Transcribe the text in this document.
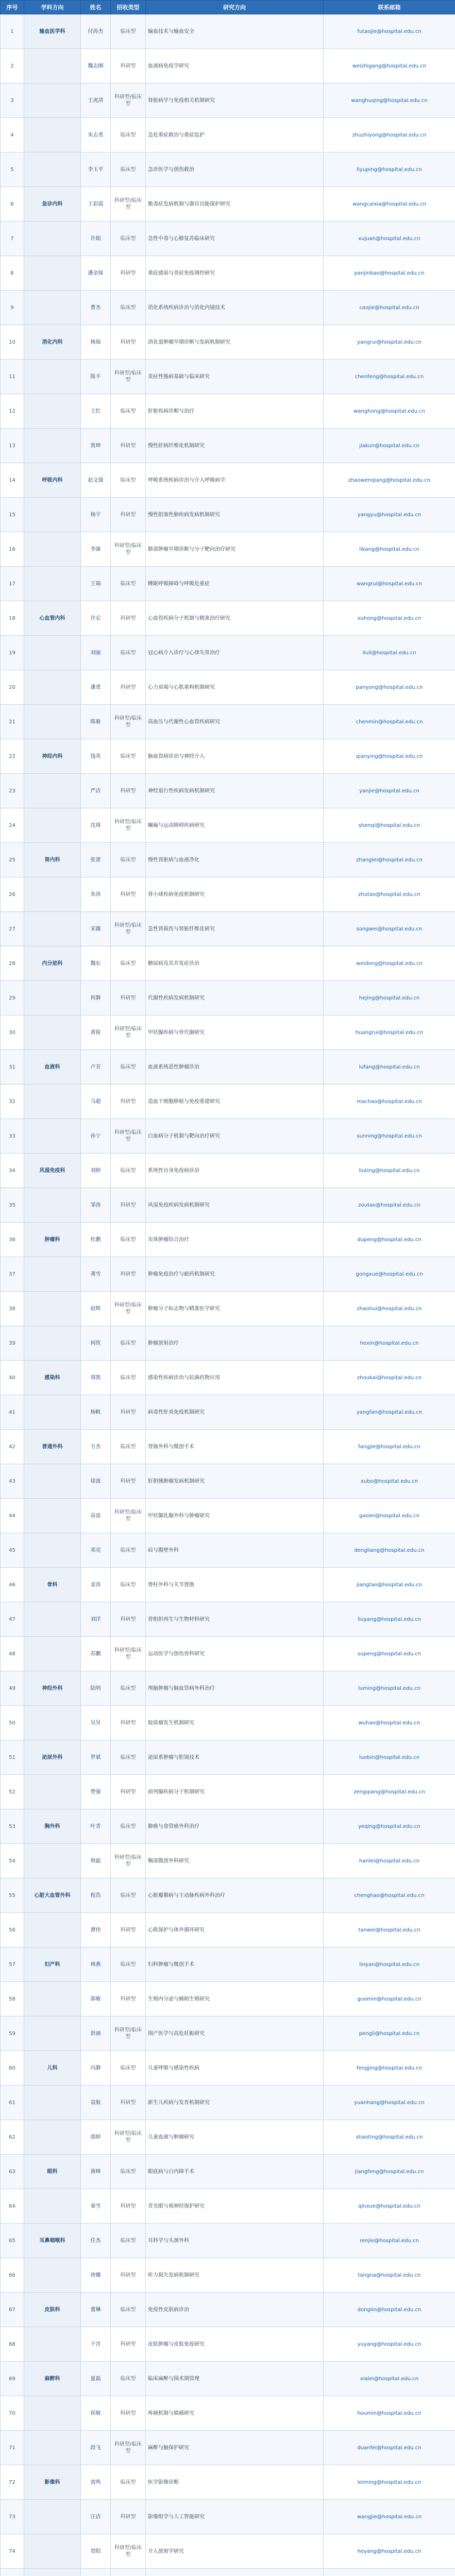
序号	学科方向	姓名	招收类型	研究方向	联系邮箱
1	输血医学科	付涛杰	临床型	输血技术与输血安全	futaojie@hospital.edu.cn
2		魏志刚	科研型	血液病免疫学研究	weizhigang@hospital.edu.cn
3		王虎清	科研型/临床型	肾脏病学与免疫相关机制研究	wanghuqing@hospital.edu.cn
4		朱志勇	临床型	急危重症救治与重症监护	zhuzhiyong@hospital.edu.cn
5		李玉平	临床型	急诊医学与创伤救治	liyuping@hospital.edu.cn
6	急诊内科	王彩霞	科研型/临床型	脓毒症发病机制与器官功能保护研究	wangcaixia@hospital.edu.cn
7		许娟	临床型	急性中毒与心肺复苏临床研究	xujuan@hospital.edu.cn
8		潘金保	科研型	重症感染与炎症免疫调控研究	panjinbao@hospital.edu.cn
9		曹杰	临床型	消化系统疾病诊治与消化内镜技术	caojie@hospital.edu.cn
10	消化内科	杨瑞	科研型	消化道肿瘤早期诊断与发病机制研究	yangrui@hospital.edu.cn
11		陈丰	科研型/临床型	炎症性肠病基础与临床研究	chenfeng@hospital.edu.cn
12		王红	临床型	肝脏疾病诊断与治疗	wanghong@hospital.edu.cn
13		贾坤	科研型	慢性肝病纤维化机制研究	jiakun@hospital.edu.cn
14	呼吸内科	赵文强	临床型	呼吸系统疾病诊治与介入呼吸病学	zhaowenqiang@hospital.edu.cn
15		杨宇	科研型	慢性阻塞性肺疾病发病机制研究	yangyu@hospital.edu.cn
16		李康	科研型/临床型	肺部肿瘤早期诊断与分子靶向治疗研究	likang@hospital.edu.cn
17		王瑞	临床型	睡眠呼吸障碍与呼吸危重症	wangrui@hospital.edu.cn
18	心血管内科	许宏	科研型	心血管疾病分子机制与精准治疗研究	xuhong@hospital.edu.cn
19		刘丽	临床型	冠心病介入诊疗与心律失常治疗	liuli@hospital.edu.cn
20		潘勇	科研型	心力衰竭与心肌重构机制研究	panyong@hospital.edu.cn
21		陈敏	科研型/临床型	高血压与代谢性心血管疾病研究	chenmin@hospital.edu.cn
22	神经内科	钱英	临床型	脑血管病诊治与神经介入	qianying@hospital.edu.cn
23		严洁	科研型	神经退行性疾病发病机制研究	yanjie@hospital.edu.cn
24		沈琦	科研型/临床型	癫痫与运动障碍疾病研究	shenqi@hospital.edu.cn
25	肾内科	张蕾	临床型	慢性肾脏病与血液净化	zhanglei@hospital.edu.cn
26		朱涛	科研型	肾小球疾病免疫机制研究	zhutao@hospital.edu.cn
27		宋薇	科研型/临床型	急性肾损伤与肾脏纤维化研究	songwei@hospital.edu.cn
28	内分泌科	魏东	临床型	糖尿病及其并发症诊治	weidong@hospital.edu.cn
29		何静	科研型	代谢性疾病发病机制研究	hejing@hospital.edu.cn
30		黄锐	科研型/临床型	甲状腺疾病与骨代谢研究	huangrui@hospital.edu.cn
31	血液科	卢芳	临床型	血液系统恶性肿瘤诊治	lufang@hospital.edu.cn
32		马超	科研型	造血干细胞移植与免疫重建研究	machao@hospital.edu.cn
33		孙宁	科研型/临床型	白血病分子机制与靶向治疗研究	sunning@hospital.edu.cn
34	风湿免疫科	刘婷	临床型	系统性自身免疫病诊治	liuting@hospital.edu.cn
35		邹涛	科研型	风湿免疫疾病发病机制研究	zoutao@hospital.edu.cn
36	肿瘤科	杜鹏	临床型	实体肿瘤综合治疗	dupeng@hospital.edu.cn
37		龚雪	科研型	肿瘤免疫治疗与耐药机制研究	gongxue@hospital.edu.cn
38		赵辉	科研型/临床型	肿瘤分子标志物与精准医学研究	zhaohui@hospital.edu.cn
39		何欣	临床型	肿瘤放射治疗	hexin@hospital.edu.cn
40	感染科	周凯	临床型	感染性疾病诊治与抗菌药物应用	zhoukai@hospital.edu.cn
41		杨帆	科研型	病毒性肝炎免疫机制研究	yangfan@hospital.edu.cn
42	普通外科	方杰	临床型	胃肠外科与微创手术	fangjie@hospital.edu.cn
43		徐波	科研型	肝胆胰肿瘤发病机制研究	xubo@hospital.edu.cn
44		高雷	科研型/临床型	甲状腺乳腺外科与肿瘤研究	gaolei@hospital.edu.cn
45		邓亮	临床型	疝与腹壁外科	dengliang@hospital.edu.cn
46	骨科	姜涛	临床型	脊柱外科与关节置换	jiangtao@hospital.edu.cn
47		刘洋	科研型	骨组织再生与生物材料研究	liuyang@hospital.edu.cn
48		苏鹏	科研型/临床型	运动医学与创伤骨科研究	supeng@hospital.edu.cn
49	神经外科	陆明	临床型	颅脑肿瘤与脑血管病外科治疗	luming@hospital.edu.cn
50		吴昊	科研型	胶质瘤发生机制研究	wuhao@hospital.edu.cn
51	泌尿外科	罗斌	临床型	泌尿系肿瘤与腔镜技术	luobin@hospital.edu.cn
52		曾强	科研型	前列腺疾病分子机制研究	zengqiang@hospital.edu.cn
53	胸外科	叶青	临床型	肺癌与食管癌外科治疗	yeqing@hospital.edu.cn
54		韩磊	科研型/临床型	胸部微创外科研究	hanlei@hospital.edu.cn
55	心脏大血管外科	程浩	临床型	心脏瓣膜病与主动脉疾病外科治疗	chenghao@hospital.edu.cn
56		谭伟	科研型	心肌保护与体外循环研究	tanwei@hospital.edu.cn
57	妇产科	林燕	临床型	妇科肿瘤与微创手术	linyan@hospital.edu.cn
58		郭敏	科研型	生殖内分泌与辅助生殖研究	guomin@hospital.edu.cn
59		彭丽	科研型/临床型	围产医学与高危妊娠研究	pengli@hospital.edu.cn
60	儿科	冯静	临床型	儿童呼吸与感染性疾病	fengjing@hospital.edu.cn
61		袁航	科研型	新生儿疾病与发育机制研究	yuanhang@hospital.edu.cn
62		邵婷	科研型/临床型	儿童血液与肿瘤研究	shaoting@hospital.edu.cn
63	眼科	蒋峰	临床型	眼底病与白内障手术	jiangfeng@hospital.edu.cn
64		秦雪	科研型	青光眼与视神经保护研究	qinxue@hospital.edu.cn
65	耳鼻咽喉科	任杰	临床型	耳科学与头颈外科	renjie@hospital.edu.cn
66		唐娜	科研型	听力损失发病机制研究	tangna@hospital.edu.cn
67	皮肤科	董琳	临床型	免疫性皮肤病诊治	donglin@hospital.edu.cn
68		于洋	科研型	皮肤肿瘤与皮肤免疫研究	yuyang@hospital.edu.cn
69	麻醉科	夏磊	临床型	临床麻醉与围术期管理	xialei@hospital.edu.cn
70		侯敏	科研型	疼痛机制与镇痛研究	houmin@hospital.edu.cn
71		段飞	科研型/临床型	麻醉与脑保护研究	duanfei@hospital.edu.cn
72	影像科	雷鸣	临床型	医学影像诊断	leiming@hospital.edu.cn
73		汪洁	科研型	影像组学与人工智能研究	wangjie@hospital.edu.cn
74		贺阳	科研型/临床型	介入放射学研究	heyang@hospital.edu.cn
